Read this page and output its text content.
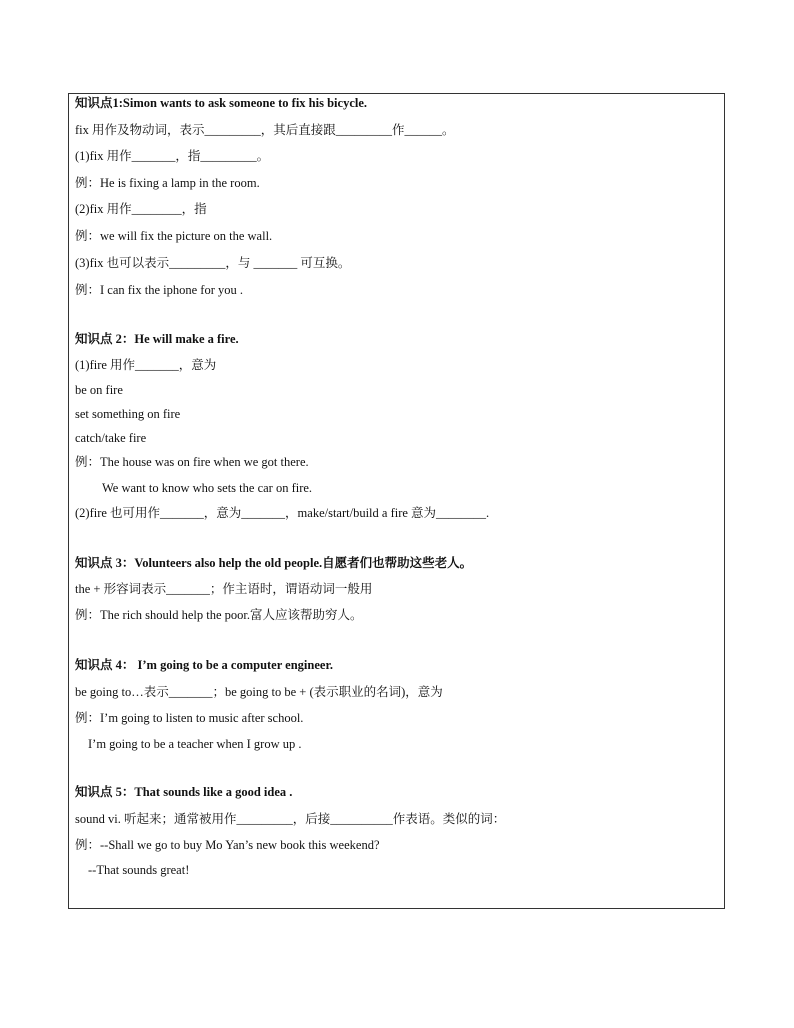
知识点1:Simon wants to ask someone to fix his bicycle.
fix 用作及物动词，表示_________，其后直接跟_________作______。
(1)fix 用作_______，指_________。
例：He is fixing a lamp in the room.
(2)fix 用作________，指
例：we will fix the picture on the wall.
(3)fix 也可以表示_________，与 _______ 可互换。
例：I can fix the iphone for you .
知识点 2：He will make a fire.
(1)fire 用作_______，意为
be on fire
set something on fire
catch/take fire
例：The house was on fire when we got there.
We want to know who sets the car on fire.
(2)fire 也可用作_______，意为_______，make/start/build a fire 意为________.
知识点 3：Volunteers also help the old people.自愿者们也帮助这些老人。
the + 形容词表示_______；作主语时，谓语动词一般用
例：The rich should help the poor.富人应该帮助穷人。
知识点 4： I’m going to be a computer engineer.
be going to…表示_______；be going to be + (表示职业的名词)，意为
例：I’m going to listen to music after school.
I’m going to be a teacher when I grow up .
知识点 5：That sounds like a good idea .
sound vi. 听起来；通常被用作_________，后接__________作表语。类似的词：
例：--Shall we go to buy Mo Yan’s new book this weekend?
--That sounds great!
